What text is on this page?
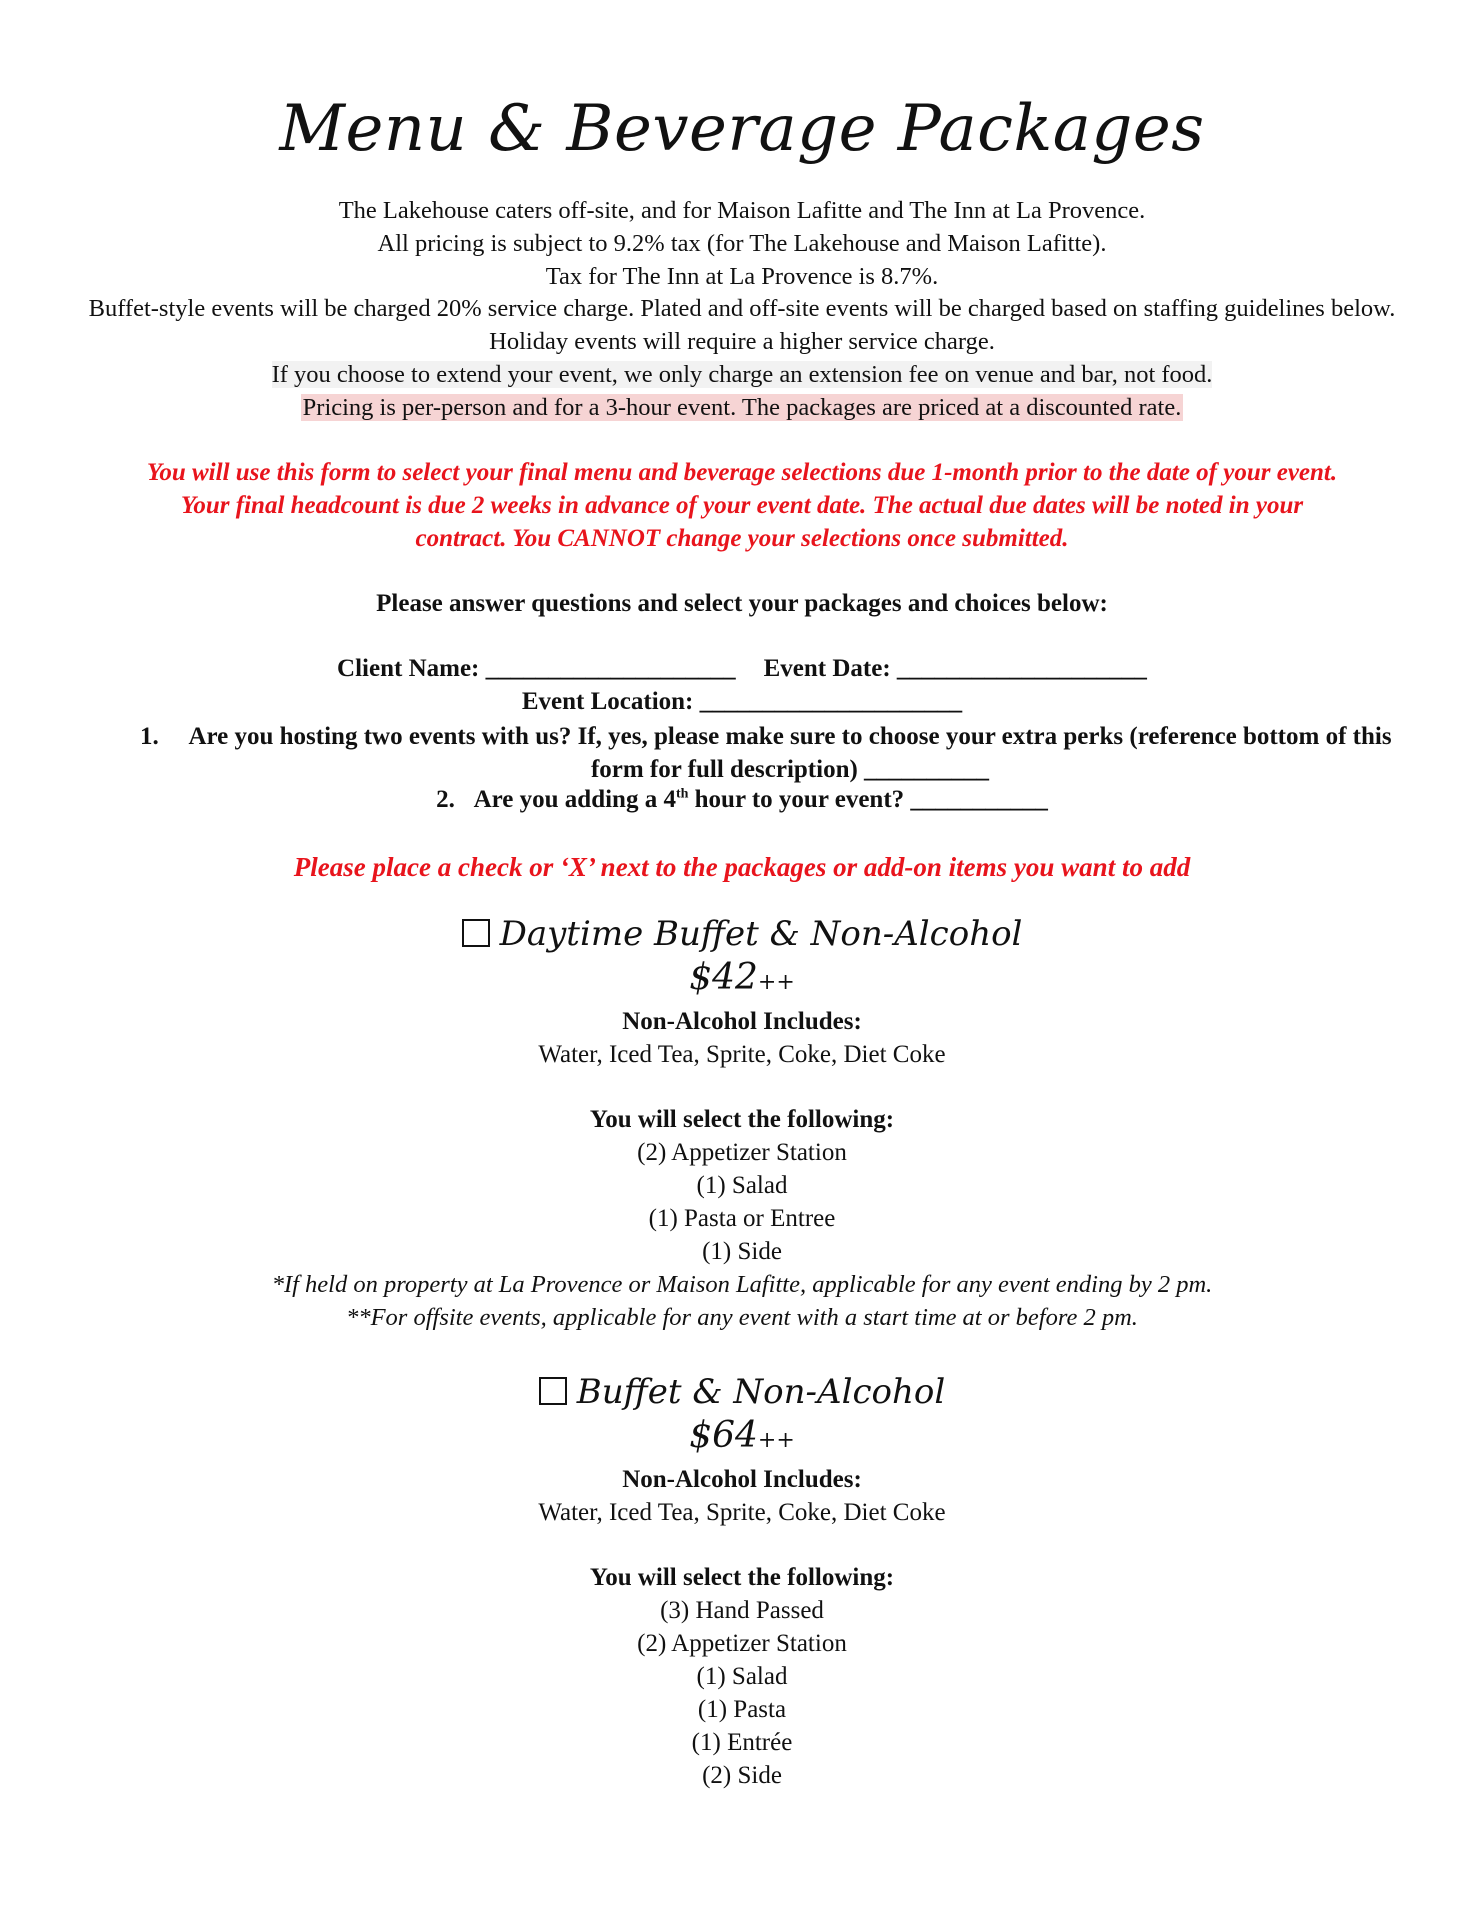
Menu & Beverage Packages
The Lakehouse caters off-site, and for Maison Lafitte and The Inn at La Provence.
All pricing is subject to 9.2% tax (for The Lakehouse and Maison Lafitte).
Tax for The Inn at La Provence is 8.7%.
Buffet-style events will be charged 20% service charge. Plated and off-site events will be charged based on staffing guidelines below.
Holiday events will require a higher service charge.
If you choose to extend your event, we only charge an extension fee on venue and bar, not food.
Pricing is per-person and for a 3-hour event. The packages are priced at a discounted rate.
You will use this form to select your final menu and beverage selections due 1-month prior to the date of your event.
Your final headcount is due 2 weeks in advance of your event date. The actual due dates will be noted in your
contract. You CANNOT change your selections once submitted.
Please answer questions and select your packages and choices below:
Client Name: ____________________ Event Date: ____________________
Event Location: _____________________
1.	Are you hosting two events with us? If, yes, please make sure to choose your extra perks (reference bottom of this form for full description) __________
2. Are you adding a 4th hour to your event? ___________
Please place a check or ‘X’ next to the packages or add-on items you want to add
Daytime Buffet & Non-Alcohol
$42++
Non-Alcohol Includes:
Water, Iced Tea, Sprite, Coke, Diet Coke
You will select the following:
(2) Appetizer Station
(1) Salad
(1) Pasta or Entree
(1) Side
*If held on property at La Provence or Maison Lafitte, applicable for any event ending by 2 pm.
**For offsite events, applicable for any event with a start time at or before 2 pm.
Buffet & Non-Alcohol
$64++
Non-Alcohol Includes:
Water, Iced Tea, Sprite, Coke, Diet Coke
You will select the following:
(3) Hand Passed
(2) Appetizer Station
(1) Salad
(1) Pasta
(1) Entrée
(2) Side
